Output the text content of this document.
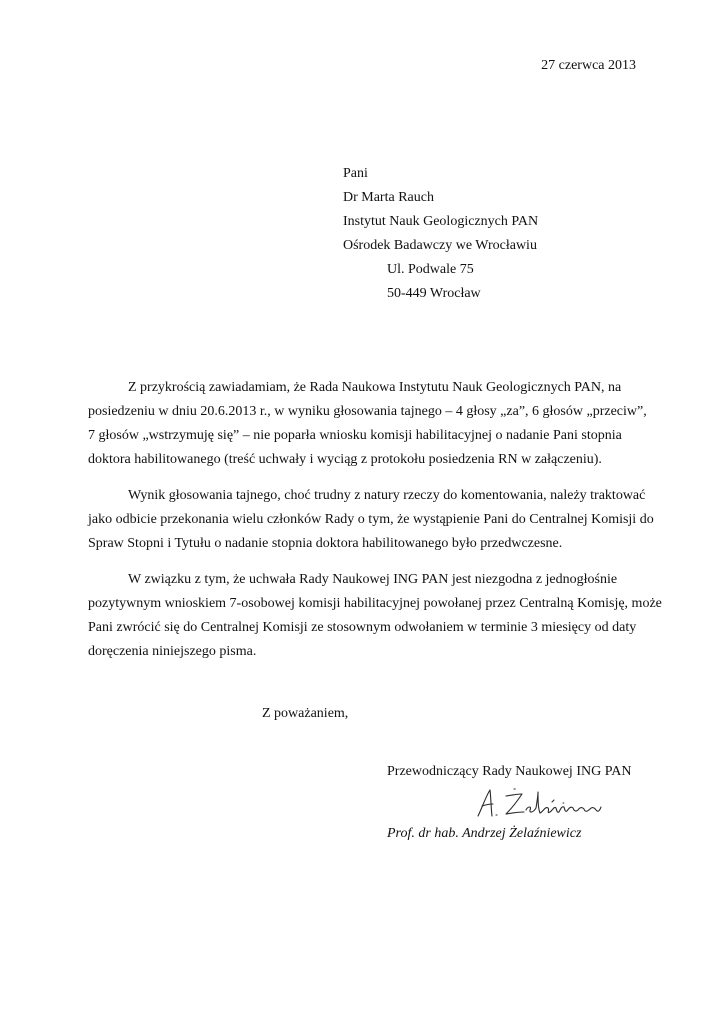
27 czerwca 2013
Pani
Dr Marta Rauch
Instytut Nauk Geologicznych PAN
Ośrodek Badawczy we Wrocławiu
Ul. Podwale 75
50-449 Wrocław

Z przykrością zawiadamiam, że Rada Naukowa Instytutu Nauk Geologicznych PAN, na
posiedzeniu w dniu 20.6.2013 r., w wyniku głosowania tajnego – 4 głosy „za”, 6 głosów „przeciw”,
7 głosów „wstrzymuję się” – nie poparła wniosku komisji habilitacyjnej o nadanie Pani stopnia
doktora habilitowanego (treść uchwały i wyciąg z protokołu posiedzenia RN w załączeniu).

Wynik głosowania tajnego, choć trudny z natury rzeczy do komentowania, należy traktować
jako odbicie przekonania wielu członków Rady o tym, że wystąpienie Pani do Centralnej Komisji do
Spraw Stopni i Tytułu o nadanie stopnia doktora habilitowanego było przedwczesne.

W związku z tym, że uchwała Rady Naukowej ING PAN jest niezgodna z jednogłośnie
pozytywnym wnioskiem 7-osobowej komisji habilitacyjnej powołanej przez Centralną Komisję, może
Pani zwrócić się do Centralnej Komisji ze stosownym odwołaniem w terminie 3 miesięcy od daty
doręczenia niniejszego pisma.

Z poważaniem,
Przewodniczący Rady Naukowej ING PAN
Prof. dr hab. Andrzej Żelaźniewicz
